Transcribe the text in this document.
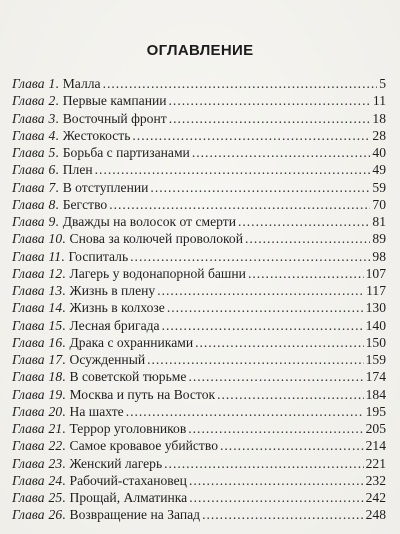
ОГЛАВЛЕНИЕ
Глава 1 . Малла .....	5
Глава 2 . Первые кампании .....	11
Глава 3 . Восточный фронт .....	18
Глава 4 . Жестокость .....	28
Глава 5 . Борьба с партизанами .....	40
Глава 6 . Плен .....	49
Глава 7 . В отступлении .....	59
Глава 8 . Бегство .....	70
Глава 9 . Дважды на волосок от смерти .....	81
Глава 10 . Снова за колючей проволокой .....	89
Глава 11 . Госпиталь .....	98
Глава 12 . Лагерь у водонапорной башни .....	107
Глава 13 . Жизнь в плену .....	117
Глава 14 . Жизнь в колхозе .....	130
Глава 15 . Лесная бригада .....	140
Глава 16 . Драка с охранниками .....	150
Глава 17 . Осужденный .....	159
Глава 18 . В советской тюрьме .....	174
Глава 19 . Москва и путь на Восток .....	184
Глава 20 . На шахте .....	195
Глава 21 . Террор уголовников .....	205
Глава 22 . Самое кровавое убийство .....	214
Глава 23 . Женский лагерь .....	221
Глава 24 . Рабочий-стахановец .....	232
Глава 25 . Прощай, Алматинка .....	242
Глава 26 . Возвращение на Запад .....	248
